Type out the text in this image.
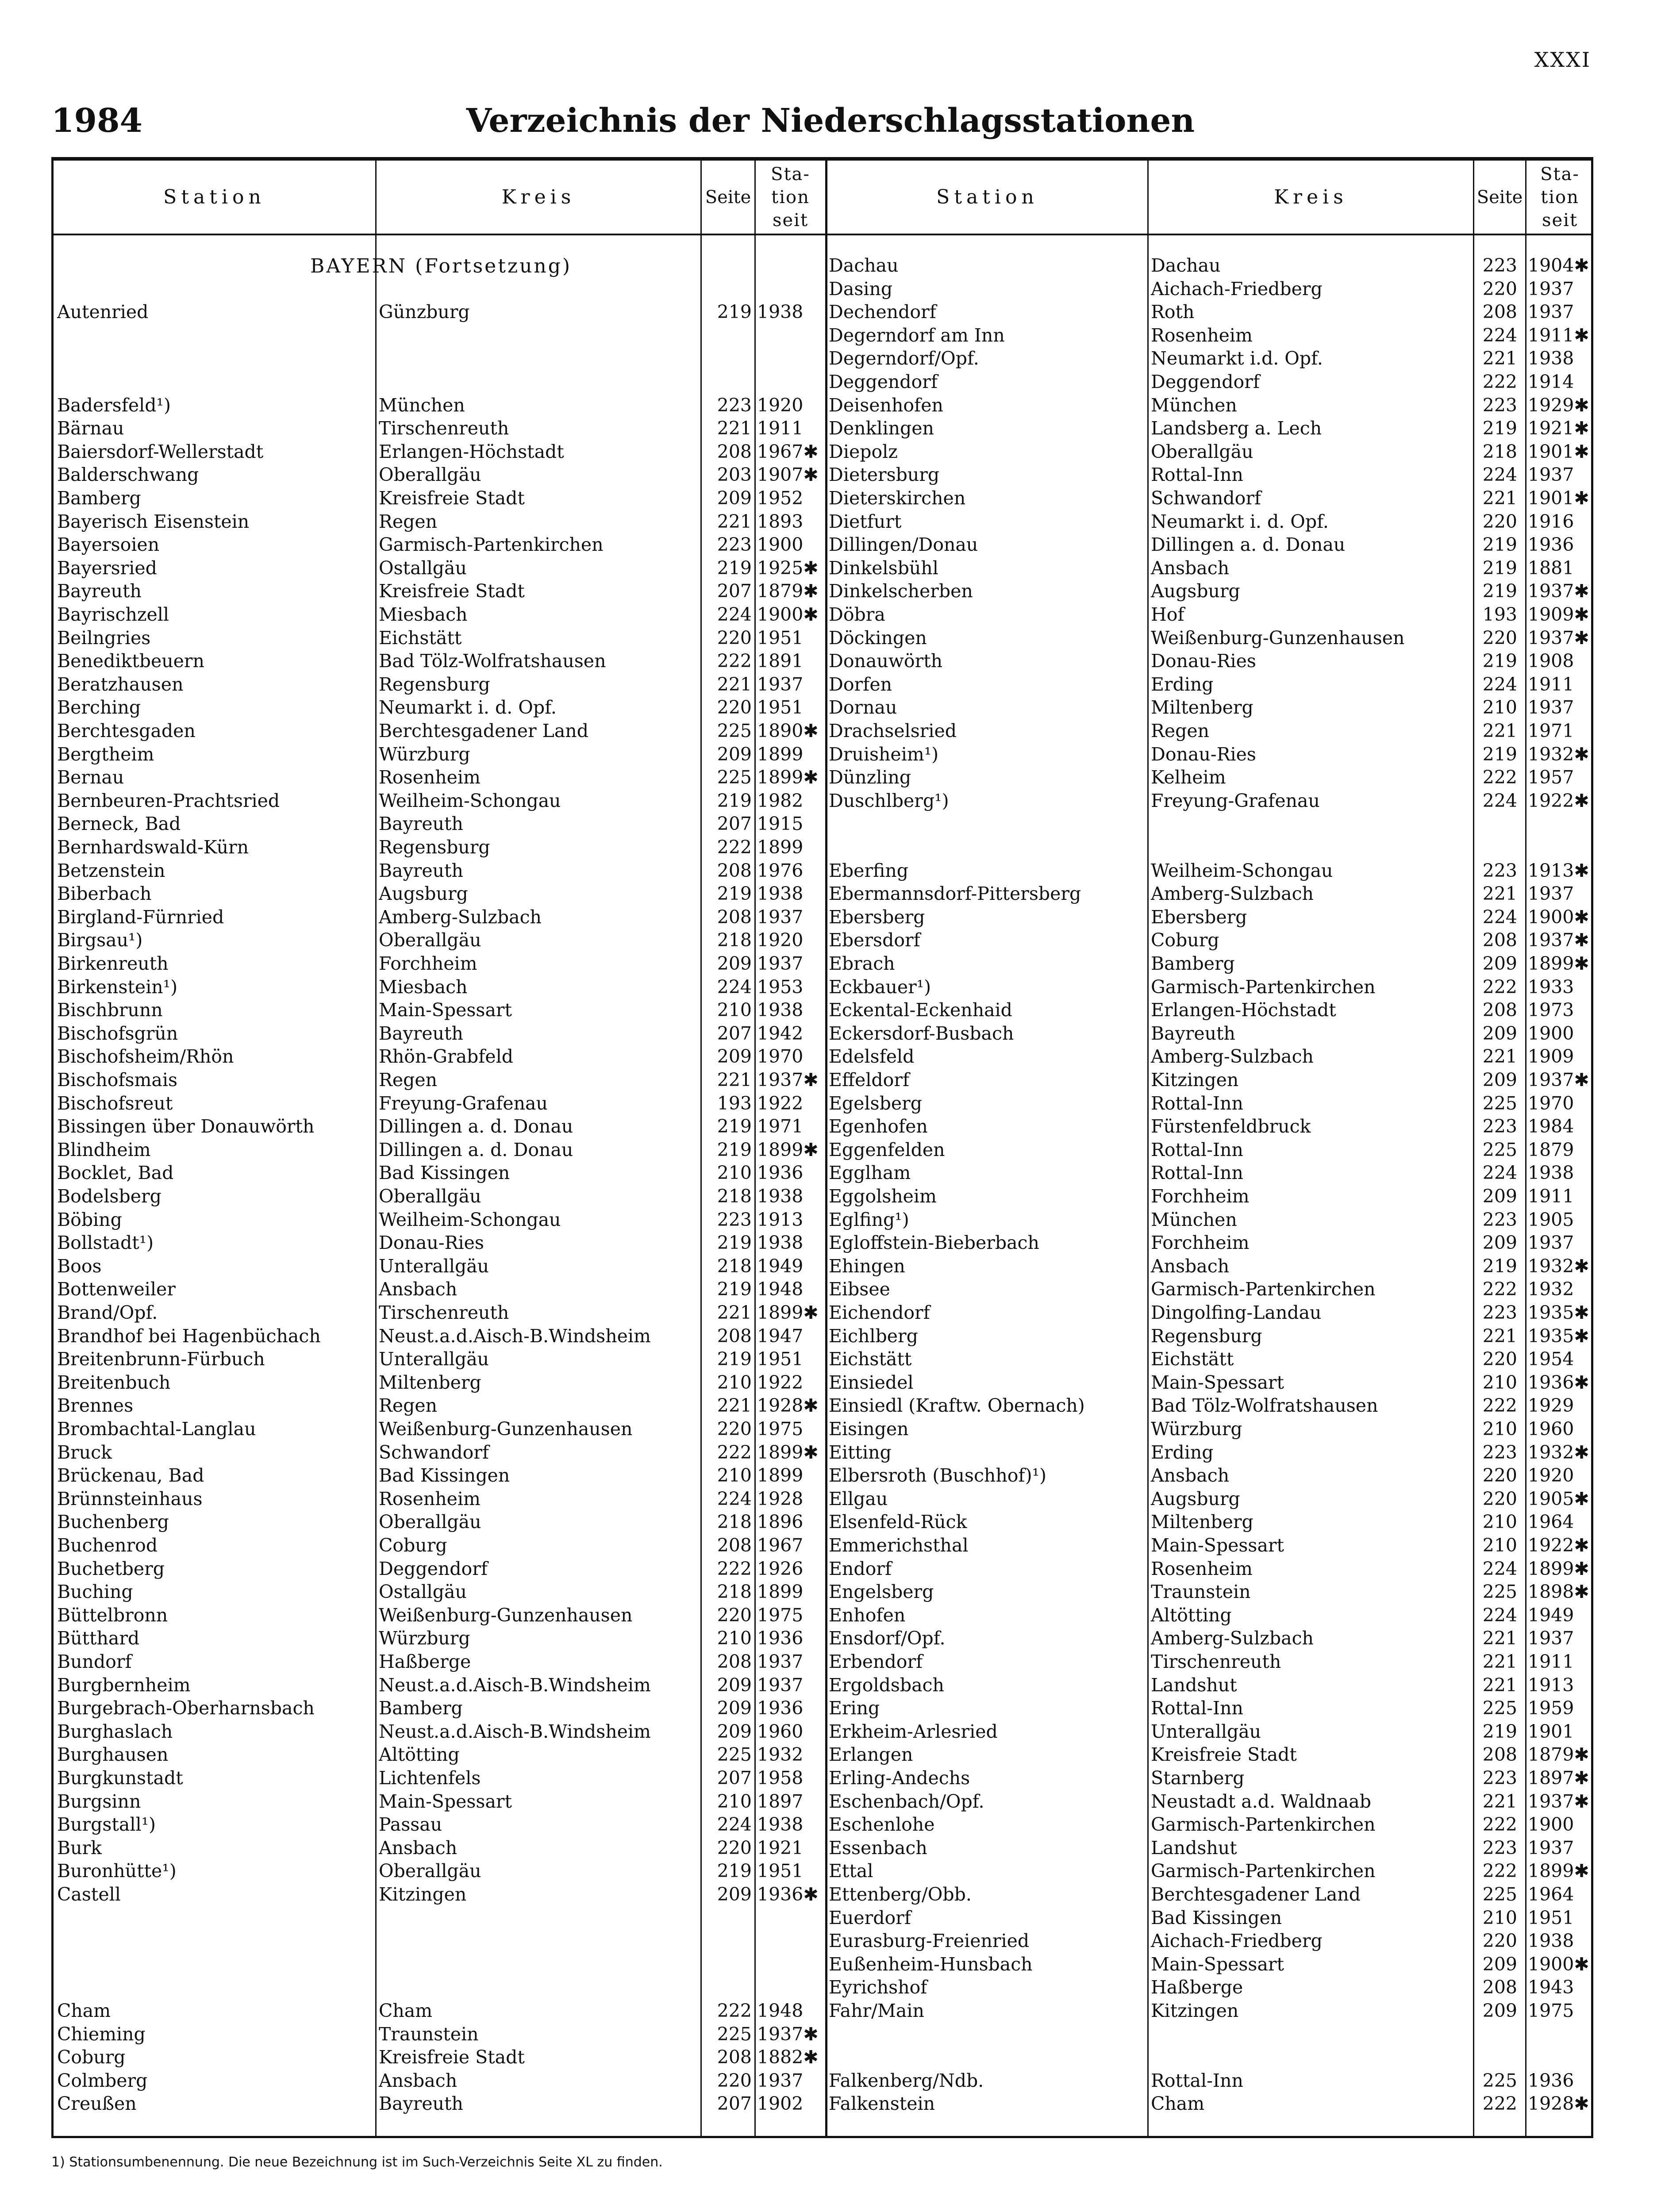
XXXI
1984	Verzeichnis der Niederschlagsstationen
Station	Kreis	Seite
Sta-
tion
seit
Station	Kreis	Seite
Sta-
tion
seit
BAYERN (Fortsetzung)
Autenried	Günzburg	219 1938
Badersfeld¹)	München	223 1920
Bärnau	Tirschenreuth	221 1911
Baiersdorf-Wellerstadt	Erlangen-Höchstadt	208 1967✱
Balderschwang	Oberallgäu	203 1907✱
Bamberg	Kreisfreie Stadt	209 1952
Bayerisch Eisenstein	Regen	221 1893
Bayersoien	Garmisch-Partenkirchen	223 1900
Bayersried	Ostallgäu	219 1925✱
Bayreuth	Kreisfreie Stadt	207 1879✱
Bayrischzell	Miesbach	224 1900✱
Beilngries	Eichstätt	220 1951
Benediktbeuern	Bad Tölz-Wolfratshausen	222 1891
Beratzhausen	Regensburg	221 1937
Berching	Neumarkt i. d. Opf.	220 1951
Berchtesgaden	Berchtesgadener Land	225 1890✱
Bergtheim	Würzburg	209 1899
Bernau	Rosenheim	225 1899✱
Bernbeuren-Prachtsried	Weilheim-Schongau	219 1982
Berneck, Bad	Bayreuth	207 1915
Bernhardswald-Kürn	Regensburg	222 1899
Betzenstein	Bayreuth	208 1976
Biberbach	Augsburg	219 1938
Birgland-Fürnried	Amberg-Sulzbach	208 1937
Birgsau¹)	Oberallgäu	218 1920
Birkenreuth	Forchheim	209 1937
Birkenstein¹)	Miesbach	224 1953
Bischbrunn	Main-Spessart	210 1938
Bischofsgrün	Bayreuth	207 1942
Bischofsheim/Rhön	Rhön-Grabfeld	209 1970
Bischofsmais	Regen	221 1937✱
Bischofsreut	Freyung-Grafenau	193 1922
Bissingen über Donauwörth	Dillingen a. d. Donau	219 1971
Blindheim	Dillingen a. d. Donau	219 1899✱
Bocklet, Bad	Bad Kissingen	210 1936
Bodelsberg	Oberallgäu	218 1938
Böbing	Weilheim-Schongau	223 1913
Bollstadt¹)	Donau-Ries	219 1938
Boos	Unterallgäu	218 1949
Bottenweiler	Ansbach	219 1948
Brand/Opf.	Tirschenreuth	221 1899✱
Brandhof bei Hagenbüchach	Neust.a.d.Aisch-B.Windsheim	208 1947
Breitenbrunn-Fürbuch	Unterallgäu	219 1951
Breitenbuch	Miltenberg	210 1922
Brennes	Regen	221 1928✱
Brombachtal-Langlau	Weißenburg-Gunzenhausen	220 1975
Bruck	Schwandorf	222 1899✱
Brückenau, Bad	Bad Kissingen	210 1899
Brünnsteinhaus	Rosenheim	224 1928
Buchenberg	Oberallgäu	218 1896
Buchenrod	Coburg	208 1967
Buchetberg	Deggendorf	222 1926
Buching	Ostallgäu	218 1899
Büttelbronn	Weißenburg-Gunzenhausen	220 1975
Bütthard	Würzburg	210 1936
Bundorf	Haßberge	208 1937
Burgbernheim	Neust.a.d.Aisch-B.Windsheim	209 1937
Burgebrach-Oberharnsbach	Bamberg	209 1936
Burghaslach	Neust.a.d.Aisch-B.Windsheim	209 1960
Burghausen	Altötting	225 1932
Burgkunstadt	Lichtenfels	207 1958
Burgsinn	Main-Spessart	210 1897
Burgstall¹)	Passau	224 1938
Burk	Ansbach	220 1921
Buronhütte¹)	Oberallgäu	219 1951
Castell	Kitzingen	209 1936✱
Cham	Cham	222 1948
Chieming	Traunstein	225 1937✱
Coburg	Kreisfreie Stadt	208 1882✱
Colmberg	Ansbach	220 1937
Creußen	Bayreuth	207 1902
Dachau	Dachau	223 1904✱
Dasing	Aichach-Friedberg	220 1937
Dechendorf	Roth	208 1937
Degerndorf am Inn	Rosenheim	224 1911✱
Degerndorf/Opf.	Neumarkt i.d. Opf.	221 1938
Deggendorf	Deggendorf	222 1914
Deisenhofen	München	223 1929✱
Denklingen	Landsberg a. Lech	219 1921✱
Diepolz	Oberallgäu	218 1901✱
Dietersburg	Rottal-Inn	224 1937
Dieterskirchen	Schwandorf	221 1901✱
Dietfurt	Neumarkt i. d. Opf.	220 1916
Dillingen/Donau	Dillingen a. d. Donau	219 1936
Dinkelsbühl	Ansbach	219 1881
Dinkelscherben	Augsburg	219 1937✱
Döbra	Hof	193 1909✱
Döckingen	Weißenburg-Gunzenhausen	220 1937✱
Donauwörth	Donau-Ries	219 1908
Dorfen	Erding	224 1911
Dornau	Miltenberg	210 1937
Drachselsried	Regen	221 1971
Druisheim¹)	Donau-Ries	219 1932✱
Dünzling	Kelheim	222 1957
Duschlberg¹)	Freyung-Grafenau	224 1922✱
Eberfing	Weilheim-Schongau	223 1913✱
Ebermannsdorf-Pittersberg	Amberg-Sulzbach	221 1937
Ebersberg	Ebersberg	224 1900✱
Ebersdorf	Coburg	208 1937✱
Ebrach	Bamberg	209 1899✱
Eckbauer¹)	Garmisch-Partenkirchen	222 1933
Eckental-Eckenhaid	Erlangen-Höchstadt	208 1973
Eckersdorf-Busbach	Bayreuth	209 1900
Edelsfeld	Amberg-Sulzbach	221 1909
Effeldorf	Kitzingen	209 1937✱
Egelsberg	Rottal-Inn	225 1970
Egenhofen	Fürstenfeldbruck	223 1984
Eggenfelden	Rottal-Inn	225 1879
Egglham	Rottal-Inn	224 1938
Eggolsheim	Forchheim	209 1911
Eglfing¹)	München	223 1905
Egloffstein-Bieberbach	Forchheim	209 1937
Ehingen	Ansbach	219 1932✱
Eibsee	Garmisch-Partenkirchen	222 1932
Eichendorf	Dingolfing-Landau	223 1935✱
Eichlberg	Regensburg	221 1935✱
Eichstätt	Eichstätt	220 1954
Einsiedel	Main-Spessart	210 1936✱
Einsiedl (Kraftw. Obernach)	Bad Tölz-Wolfratshausen	222 1929
Eisingen	Würzburg	210 1960
Eitting	Erding	223 1932✱
Elbersroth (Buschhof)¹)	Ansbach	220 1920
Ellgau	Augsburg	220 1905✱
Elsenfeld-Rück	Miltenberg	210 1964
Emmerichsthal	Main-Spessart	210 1922✱
Endorf	Rosenheim	224 1899✱
Engelsberg	Traunstein	225 1898✱
Enhofen	Altötting	224 1949
Ensdorf/Opf.	Amberg-Sulzbach	221 1937
Erbendorf	Tirschenreuth	221 1911
Ergoldsbach	Landshut	221 1913
Ering	Rottal-Inn	225 1959
Erkheim-Arlesried	Unterallgäu	219 1901
Erlangen	Kreisfreie Stadt	208 1879✱
Erling-Andechs	Starnberg	223 1897✱
Eschenbach/Opf.	Neustadt a.d. Waldnaab	221 1937✱
Eschenlohe	Garmisch-Partenkirchen	222 1900
Essenbach	Landshut	223 1937
Ettal	Garmisch-Partenkirchen	222 1899✱
Ettenberg/Obb.	Berchtesgadener Land	225 1964
Euerdorf	Bad Kissingen	210 1951
Eurasburg-Freienried	Aichach-Friedberg	220 1938
Eußenheim-Hunsbach	Main-Spessart	209 1900✱
Eyrichshof	Haßberge	208 1943
Fahr/Main	Kitzingen	209 1975
Falkenberg/Ndb.	Rottal-Inn	225 1936
Falkenstein	Cham	222 1928✱
1) Stationsumbenennung. Die neue Bezeichnung ist im Such-Verzeichnis Seite XL zu finden.
